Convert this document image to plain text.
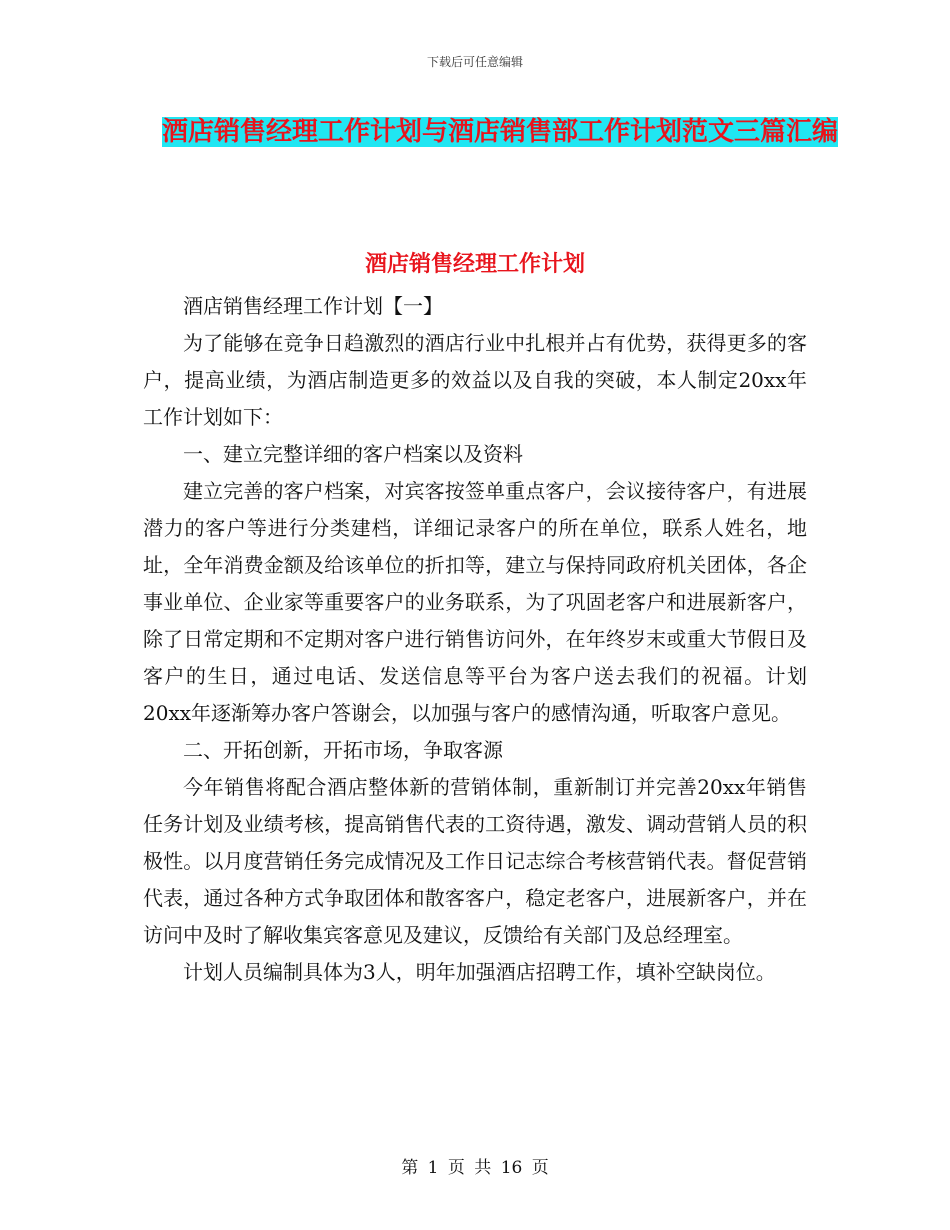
下载后可任意编辑
酒店销售经理工作计划与酒店销售部工作计划范文三篇汇编
酒店销售经理工作计划

酒店销售经理工作计划【一】

为了能够在竞争日趋激烈的酒店行业中扎根并占有优势，获得更多的客户，提高业绩，为酒店制造更多的效益以及自我的突破，本人制定20xx年工作计划如下：

一、建立完整详细的客户档案以及资料

建立完善的客户档案，对宾客按签单重点客户，会议接待客户，有进展潜力的客户等进行分类建档，详细记录客户的所在单位，联系人姓名，地址，全年消费金额及给该单位的折扣等，建立与保持同政府机关团体，各企事业单位、企业家等重要客户的业务联系，为了巩固老客户和进展新客户，除了日常定期和不定期对客户进行销售访问外，在年终岁末或重大节假日及客户的生日，通过电话、发送信息等平台为客户送去我们的祝福。计划20xx年逐渐筹办客户答谢会，以加强与客户的感情沟通，听取客户意见。

二、开拓创新，开拓市场，争取客源

今年销售将配合酒店整体新的营销体制，重新制订并完善20xx年销售任务计划及业绩考核，提高销售代表的工资待遇，激发、调动营销人员的积极性。以月度营销任务完成情况及工作日记志综合考核营销代表。督促营销代表，通过各种方式争取团体和散客客户，稳定老客户，进展新客户，并在访问中及时了解收集宾客意见及建议，反馈给有关部门及总经理室。

计划人员编制具体为3人，明年加强酒店招聘工作，填补空缺岗位。

第 1 页 共 16 页
